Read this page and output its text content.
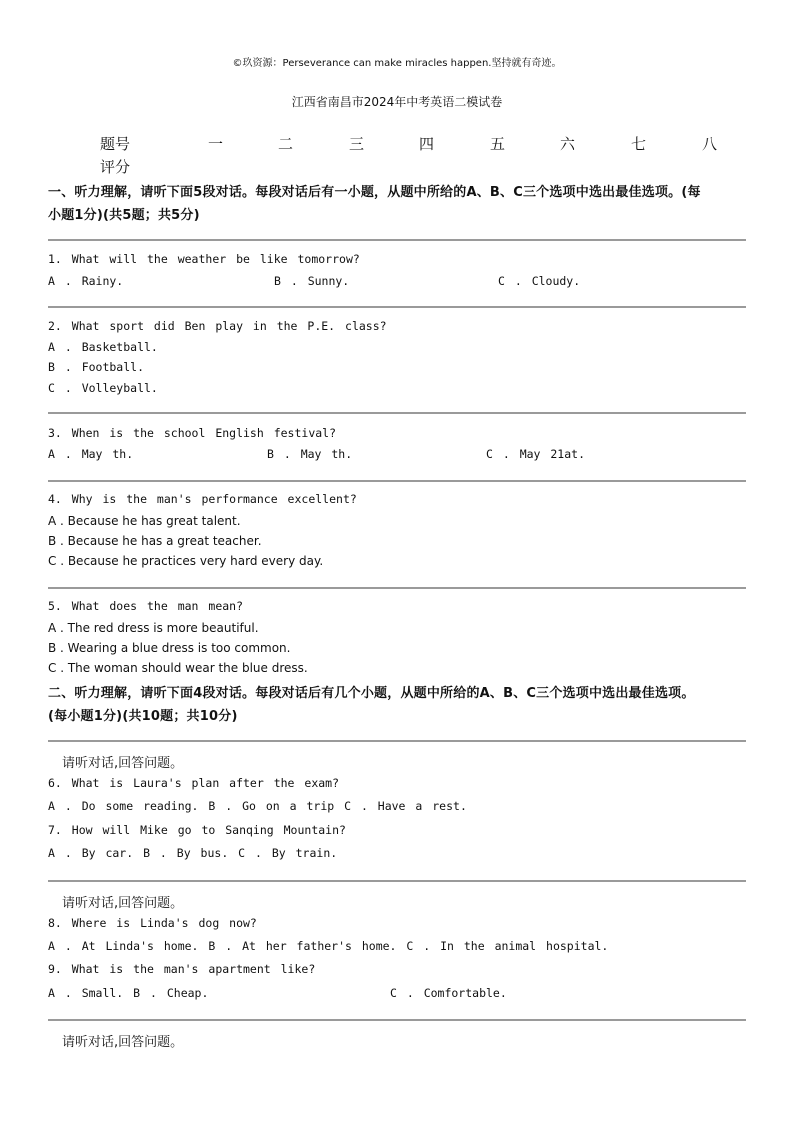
©玖资源：Perseverance can make miracles happen.坚持就有奇迹。
江西省南昌市2024年中考英语二模试卷
题号	一	二	三	四	五	六	七	八
评分
一、听力理解，请听下面5段对话。每段对话后有一小题，从题中所给的A、B、C三个选项中选出最佳选项。(每
小题1分)(共5题；共5分)
1. What will the weather be like tomorrow?
A . Rainy.	B . Sunny.	C . Cloudy.
2. What sport did Ben play in the P.E. class?
A . Basketball.
B . Football.
C . Volleyball.
3. When is the school English festival?
A . May th.	B . May th.	C . May 21at.
4. Why is the man's performance excellent?
A . Because he has great talent.
B . Because he has a great teacher.
C . Because he practices very hard every day.
5. What does the man mean?
A . The red dress is more beautiful.
B . Wearing a blue dress is too common.
C . The woman should wear the blue dress.
二、听力理解，请听下面4段对话。每段对话后有几个小题，从题中所给的A、B、C三个选项中选出最佳选项。
(每小题1分)(共10题；共10分)
请听对话,回答问题。
6. What is Laura's plan after the exam?
A . Do some reading. B . Go on a trip C . Have a rest.
7. How will Mike go to Sanqing Mountain?
A . By car. B . By bus. C . By train.
请听对话,回答问题。
8. Where is Linda's dog now?
A . At Linda's home. B . At her father's home. C . In the animal hospital.
9. What is the man's apartment like?
A . Small. B . Cheap.	C . Comfortable.
请听对话,回答问题。
